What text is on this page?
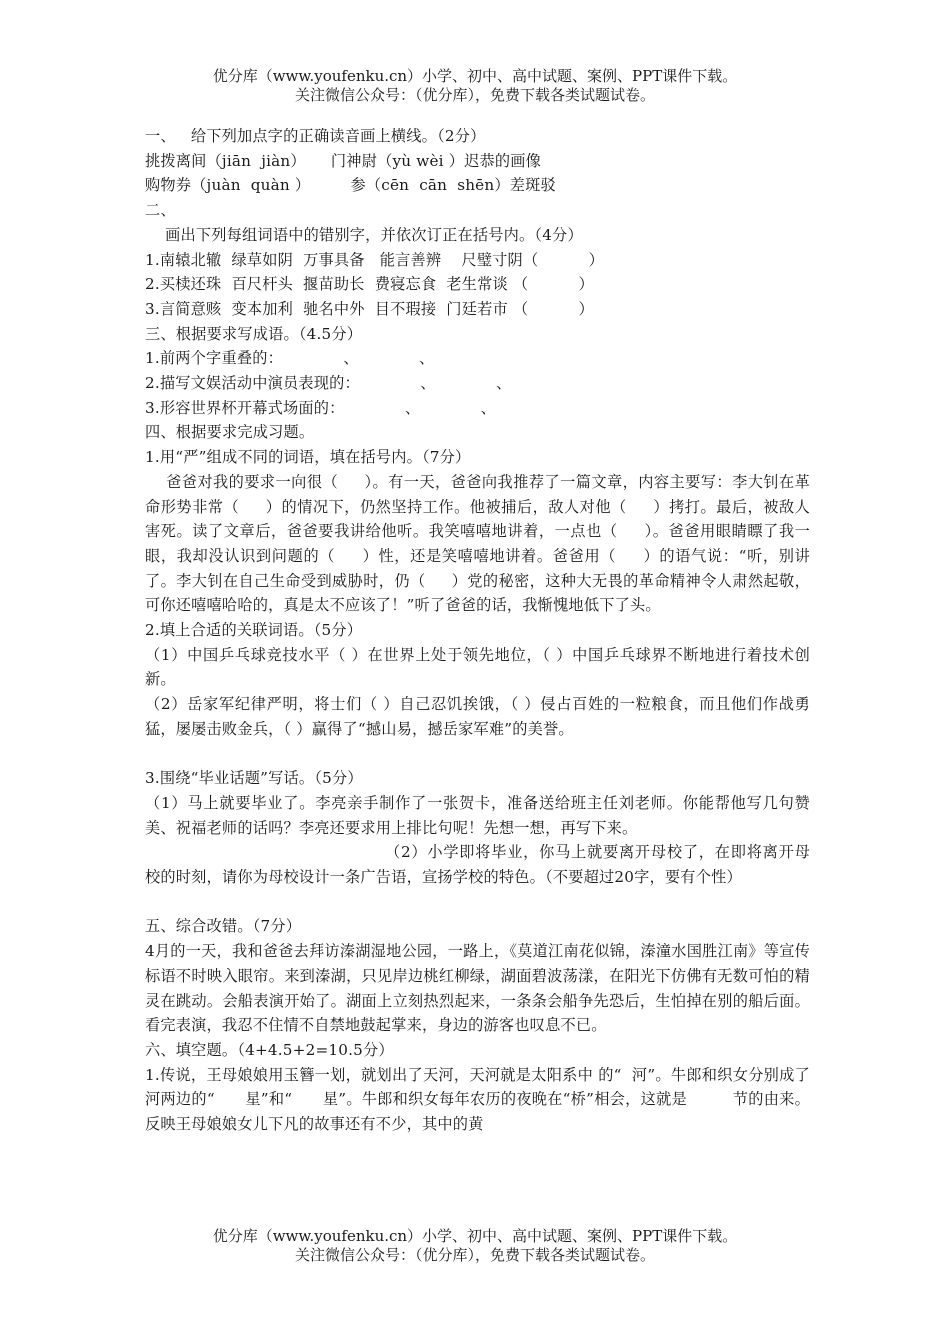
优分库（www.youfenku.cn）小学、初中、高中试题、案例、PPT课件下载。
关注微信公众号：（优分库），免费下载各类试题试卷。
一、   给下列加点字的正确读音画上横线。（2分）
挑拨离间（jiān  jiàn）     门神尉（yù wèi ）迟恭的画像
购物券（juàn  quàn ）        参（cēn  cān  shēn）差斑驳
二、
画出下列每组词语中的错别字，并依次订正在括号内。（4分）
1.南辕北辙  绿草如阴  万事具备   能言善辨    尺璧寸阴（          ）
2.买椟还珠  百尺杆头  揠苗助长  费寝忘食  老生常谈 （          ）
3.言简意赅  变本加利  驰名中外  目不瑕接  门廷若市 （          ）
三、根据要求写成语。（4.5分）
1.前两个字重叠的：            、            、
2.描写文娱活动中演员表现的：            、            、
3.形容世界杯开幕式场面的：            、            、
四、根据要求完成习题。
1.用“严”组成不同的词语，填在括号内。（7分）
爸爸对我的要求一向很（     ）。有一天，爸爸向我推荐了一篇文章，内容主要写：李大钊在革命形势非常（     ）的情况下，仍然坚持工作。他被捕后，敌人对他（     ）拷打。最后，被敌人害死。读了文章后，爸爸要我讲给他听。我笑嘻嘻地讲着，一点也（     ）。爸爸用眼睛瞟了我一眼，我却没认识到问题的（     ）性，还是笑嘻嘻地讲着。爸爸用（     ）的语气说：“听，别讲了。李大钊在自己生命受到威胁时，仍（     ）党的秘密，这种大无畏的革命精神令人肃然起敬，可你还嘻嘻哈哈的，真是太不应该了！”听了爸爸的话，我惭愧地低下了头。
2.填上合适的关联词语。（5分）
（1）中国乒乓球竞技水平（ ）在世界上处于领先地位，（ ）中国乒乓球界不断地进行着技术创新。
（2）岳家军纪律严明，将士们（ ）自己忍饥挨饿，（ ）侵占百姓的一粒粮食，而且他们作战勇猛，屡屡击败金兵，（ ）赢得了“撼山易，撼岳家军难”的美誉。
3.围绕“毕业话题”写话。（5分）
（1）马上就要毕业了。李亮亲手制作了一张贺卡，准备送给班主任刘老师。你能帮他写几句赞美、祝福老师的话吗？李亮还要求用上排比句呢！先想一想，再写下来。
（2）小学即将毕业，你马上就要离开母校了，在即将离开母校的时刻，请你为母校设计一条广告语，宣扬学校的特色。（不要超过20字，要有个性）
五、综合改错。（7分）
4月的一天，我和爸爸去拜访溱湖湿地公园，一路上，《莫道江南花似锦，溱潼水国胜江南》等宣传标语不时映入眼帘。来到溱湖，只见岸边桃红柳绿，湖面碧波荡漾，在阳光下仿佛有无数可怕的精灵在跳动。会船表演开始了。湖面上立刻热烈起来，一条条会船争先恐后，生怕掉在别的船后面。看完表演，我忍不住情不自禁地鼓起掌来，身边的游客也叹息不已。
六、填空题。（4+4.5+2=10.5分）
1.传说，王母娘娘用玉簪一划，就划出了天河，天河就是太阳系中 的“  河”。牛郎和织女分别成了河两边的“      星”和“      星”。牛郎和织女每年农历的夜晚在“桥”相会，这就是         节的由来。反映王母娘娘女儿下凡的故事还有不少，其中的黄
优分库（www.youfenku.cn）小学、初中、高中试题、案例、PPT课件下载。
关注微信公众号：（优分库），免费下载各类试题试卷。
